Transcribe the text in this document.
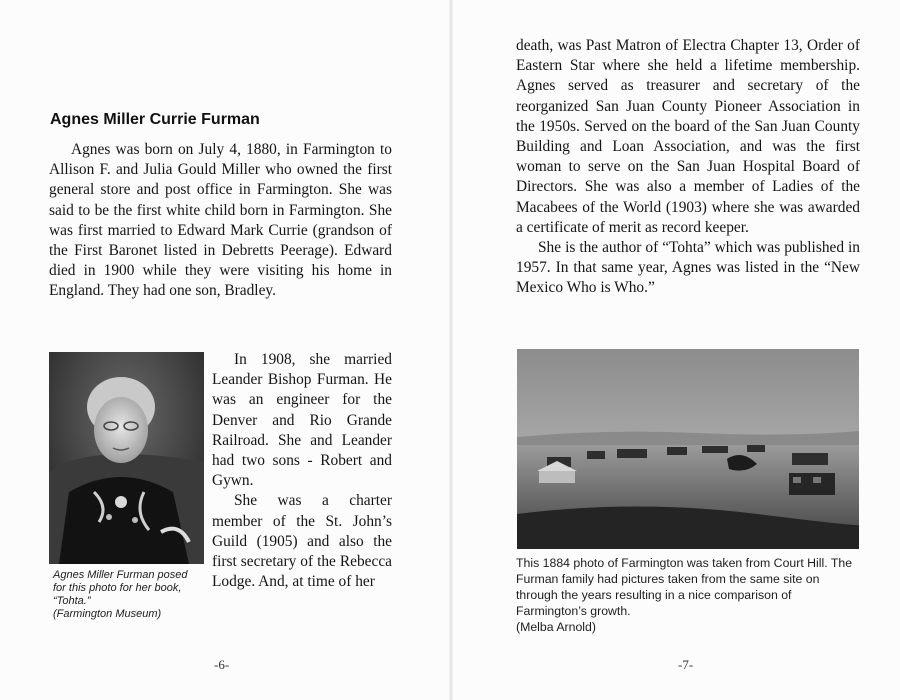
Agnes Miller Currie Furman

Agnes was born on July 4, 1880, in Farmington to Allison F. and Julia Gould Miller who owned the first general store and post office in Farmington. She was said to be the first white child born in Farmington. She was first married to Edward Mark Currie (grandson of the First Baronet listed in Debretts Peerage). Edward died in 1900 while they were visiting his home in England. They had one son, Bradley.

Agnes Miller Furman posed
for this photo for her book,
“Tohta.”
(Farmington Museum)

In 1908, she married Leander Bishop Furman. He was an engineer for the Denver and Rio Grande Railroad. She and Leander had two sons - Robert and Gywn.

She was a charter member of the St. John’s Guild (1905) and also the first secretary of the Rebecca Lodge. And, at time of her

-6-

death, was Past Matron of Electra Chapter 13, Order of Eastern Star where she held a lifetime membership. Agnes served as treasurer and secretary of the reorganized San Juan County Pioneer Association in the 1950s. Served on the board of the San Juan County Building and Loan Association, and was the first woman to serve on the San Juan Hospital Board of Directors. She was also a member of Ladies of the Macabees of the World (1903) where she was awarded a certificate of merit as record keeper.

She is the author of “Tohta” which was published in 1957. In that same year, Agnes was listed in the “New Mexico Who is Who.”

This 1884 photo of Farmington was taken from Court Hill. The Furman family had pictures taken from the same site on through the years resulting in a nice comparison of Farmington’s growth.
(Melba Arnold)
-7-
